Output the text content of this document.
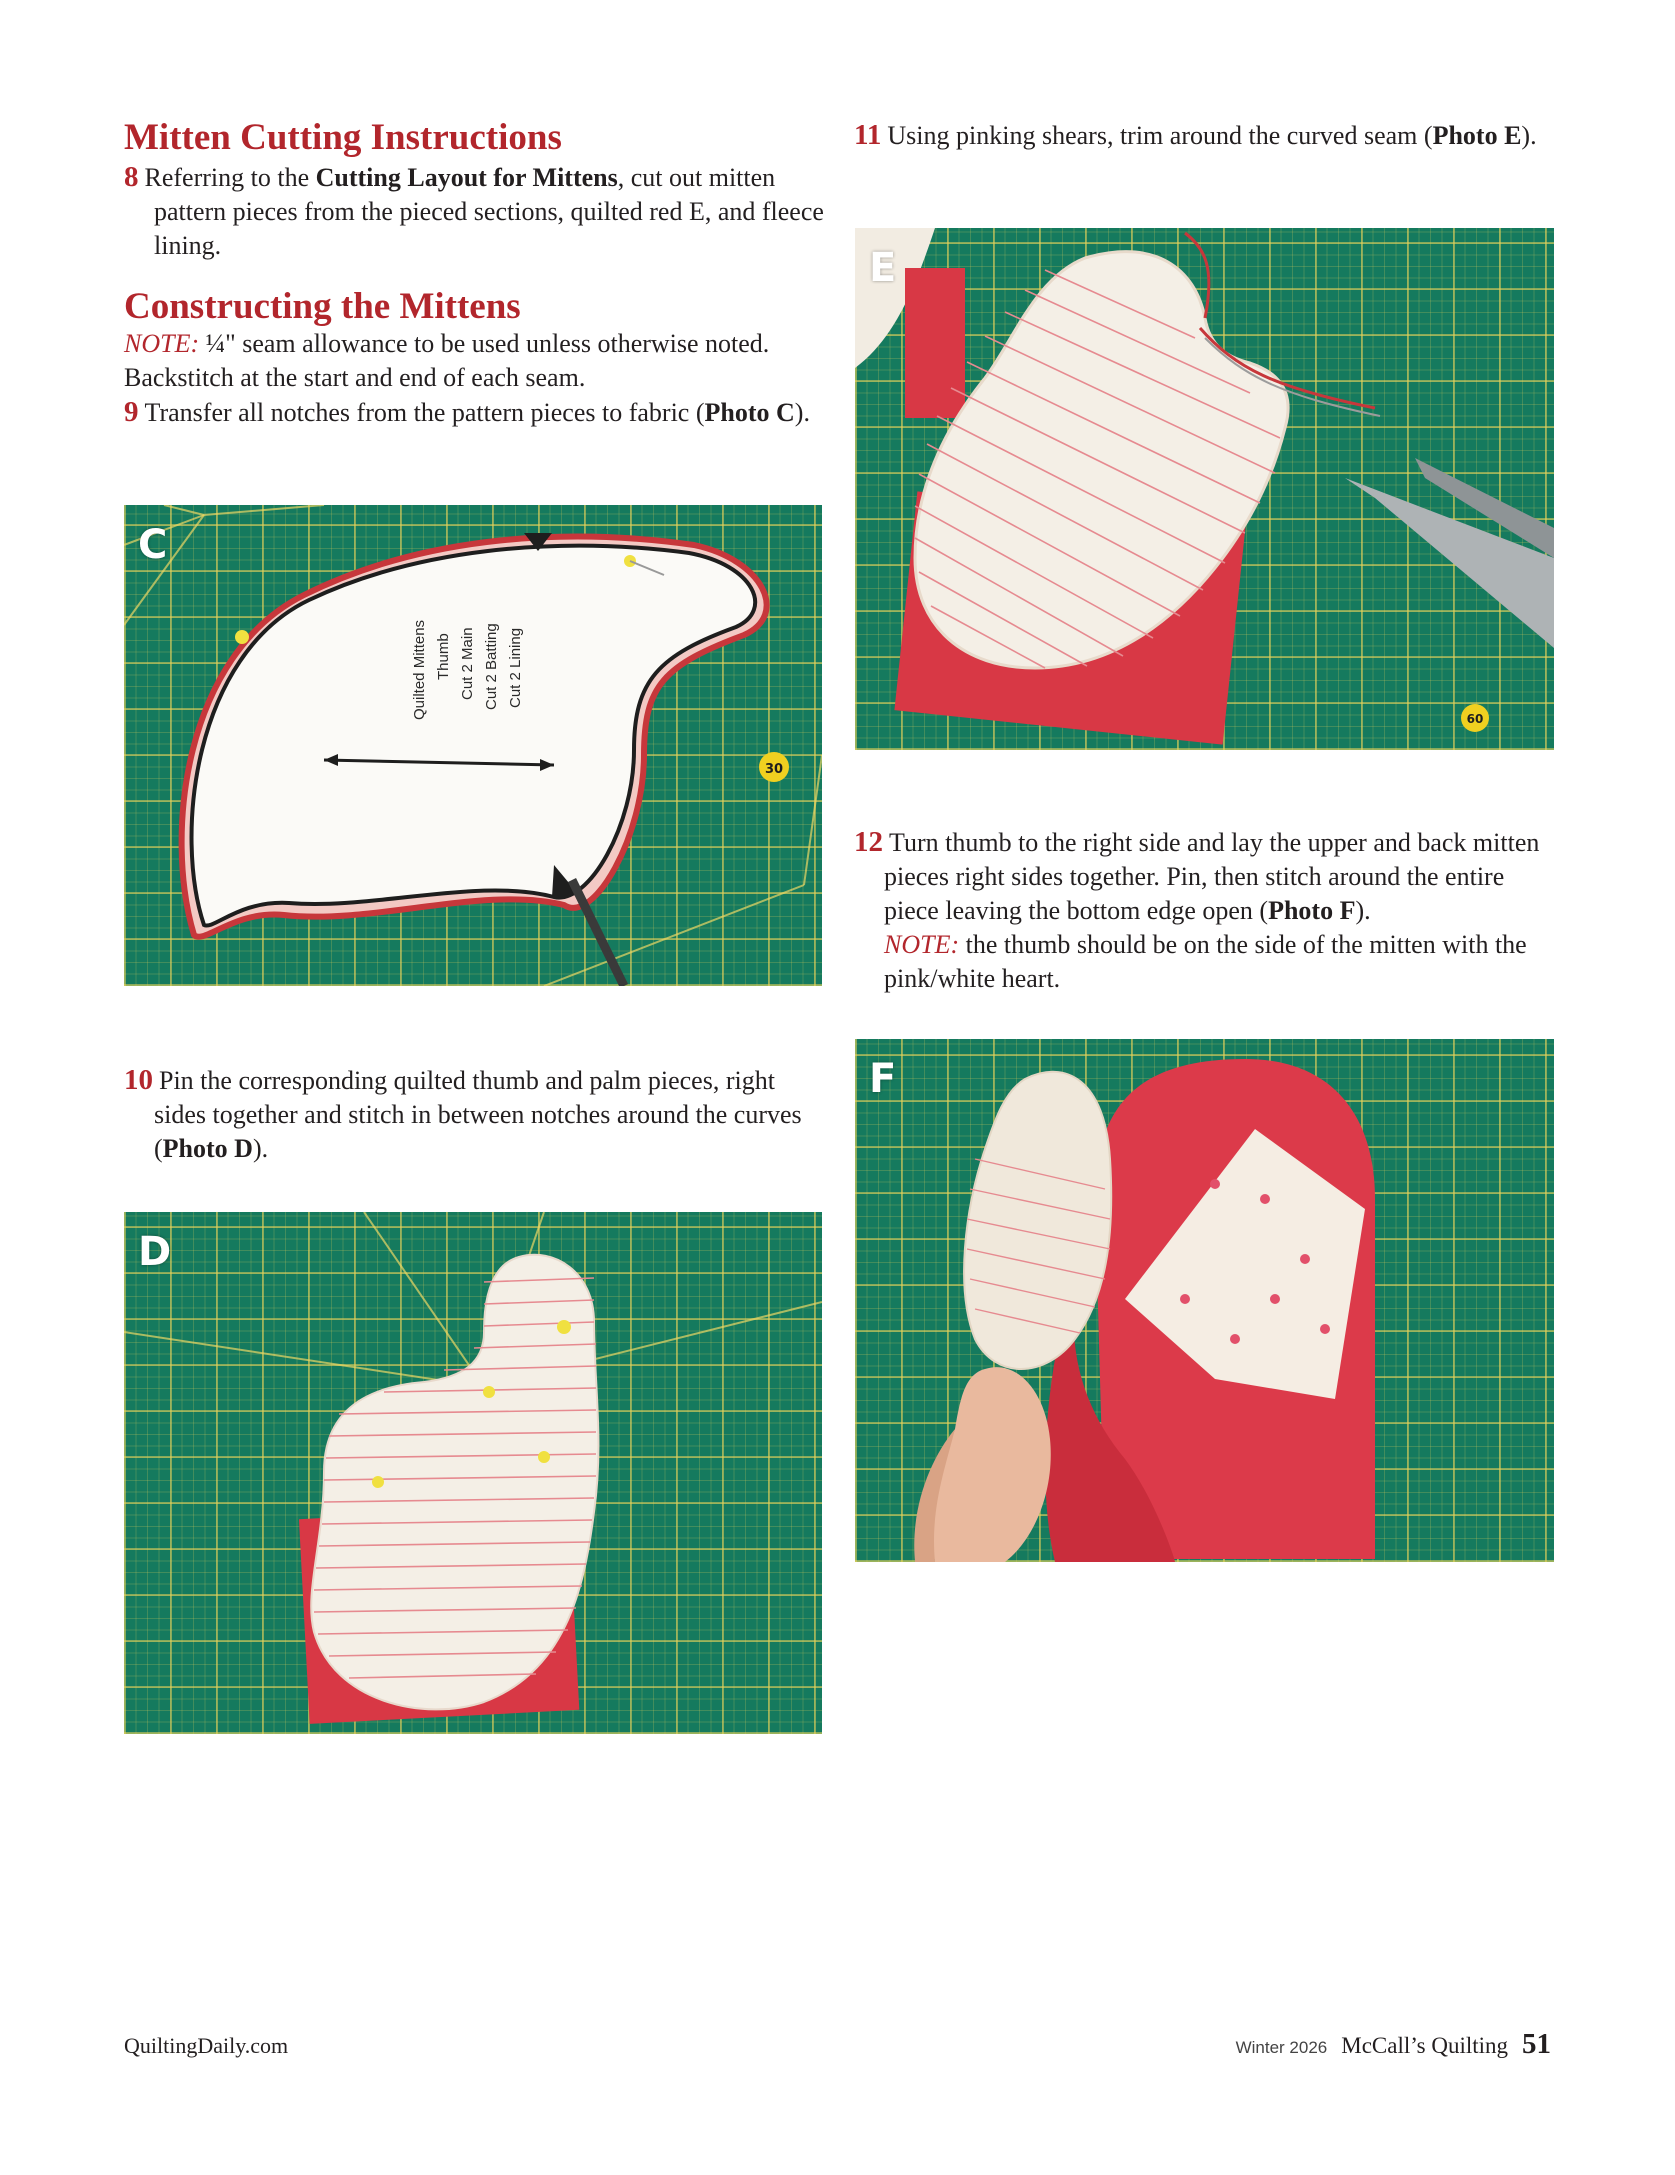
Mitten Cutting Instructions

8 Referring to the Cutting Layout for Mittens, cut out mitten pattern pieces from the pieced sections, quilted red E, and fleece lining.

Constructing the Mittens

NOTE: ¼" seam allowance to be used unless otherwise noted. Backstitch at the start and end of each seam.

9 Transfer all notches from the pattern pieces to fabric (Photo C).

30
Quilted Mittens Thumb Cut 2 Main Cut 2 Batting Cut 2 Lining
C

10 Pin the corresponding quilted thumb and palm pieces, right sides together and stitch in between notches around the curves (Photo D).

D

11 Using pinking shears, trim around the curved seam (Photo E).

60
E

12 Turn thumb to the right side and lay the upper and back mitten pieces right sides together. Pin, then stitch around the entire piece leaving the bottom edge open (Photo F).
NOTE: the thumb should be on the side of the mitten with the pink/white heart.

F
QuiltingDaily.com	Winter 2026 McCall’s Quilting 51
